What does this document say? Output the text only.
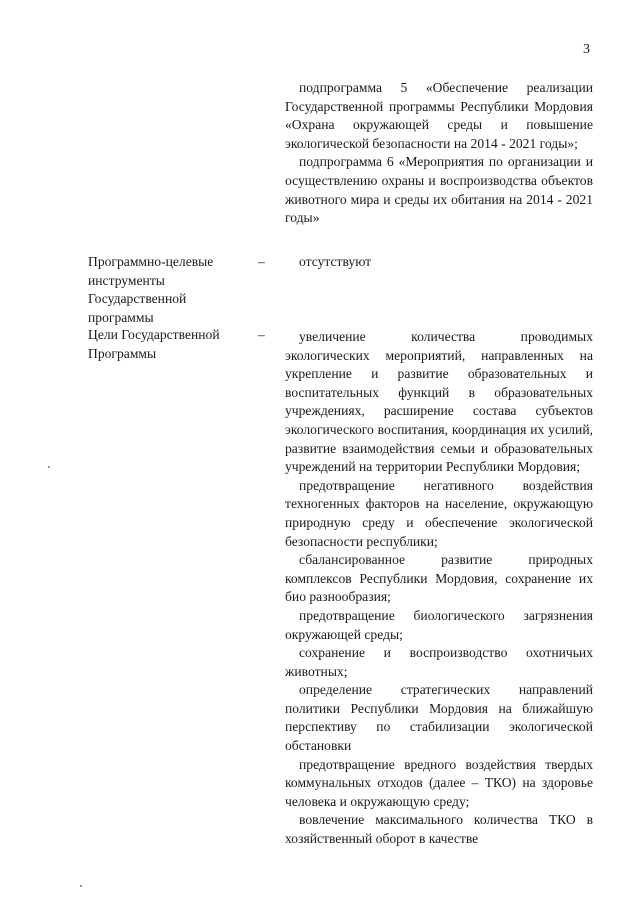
3

подпрограмма 5 «Обеспечение реализации Государственной программы Республики Мордовия «Охрана окружающей среды и повышение экологической безопасности на 2014 - 2021 годы»;

подпрограмма 6 «Мероприятия по организации и осуществлению охраны и воспроизводства объектов животного мира и среды их обитания на 2014 - 2021 годы»

Программно-целевые инструменты Государственной программы
–	отсутствуют
Цели Государственной Программы
–	увеличение количества проводимых экологических мероприятий, направленных на укрепление и развитие образовательных и воспитательных функций в образовательных учреждениях, расширение состава субъектов экологического воспитания, координация их усилий, развитие взаимодействия семьи и образовательных учреждений на территории Республики Мордовия;

предотвращение негативного воздействия техногенных факторов на население, окружающую природную среду и обеспечение экологической безопасности республики;

сбалансированное развитие природных комплексов Республики Мордовия, сохранение их био разнообразия;

предотвращение биологического загрязнения окружающей среды;

сохранение и воспроизводство охотничьих животных;

определение стратегических направлений политики Республики Мордовия на ближайшую перспективу по стабилизации экологической обстановки

предотвращение вредного воздействия твердых коммунальных отходов (далее – ТКО) на здоровье человека и окружающую среду;

вовлечение максимального количества ТКО в хозяйственный оборот в качестве
